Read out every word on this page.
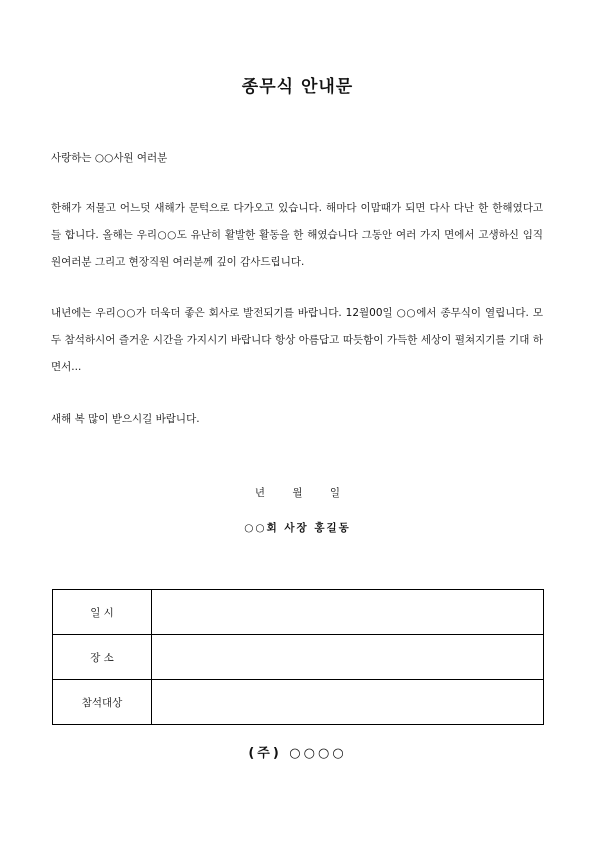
종무식 안내문
사랑하는 ○○사원 여러분
한해가 저물고 어느덧 새해가 문턱으로 다가오고 있습니다. 해마다 이맘때가 되면 다사 다난 한 한해였다고들 합니다. 올해는 우리○○도 유난히 활발한 활동을 한 해였습니다 그동안 여러 가지 면에서 고생하신 임직원여러분 그리고 현장직원 여러분께 깊이 감사드립니다.
내년에는 우리○○가 더욱더 좋은 회사로 발전되기를 바랍니다. 12월00일 ○○에서 종무식이 열립니다. 모두 참석하시어 즐거운 시간을 가지시기 바랍니다 항상 아름답고 따듯함이 가득한 세상이 펼쳐지기를 기대 하면서...
새해 복 많이 받으시길 바랍니다.
년	월	일
○○회 사장 홍길동
일 시	
장 소	
참석대상	
(주) ○○○○
